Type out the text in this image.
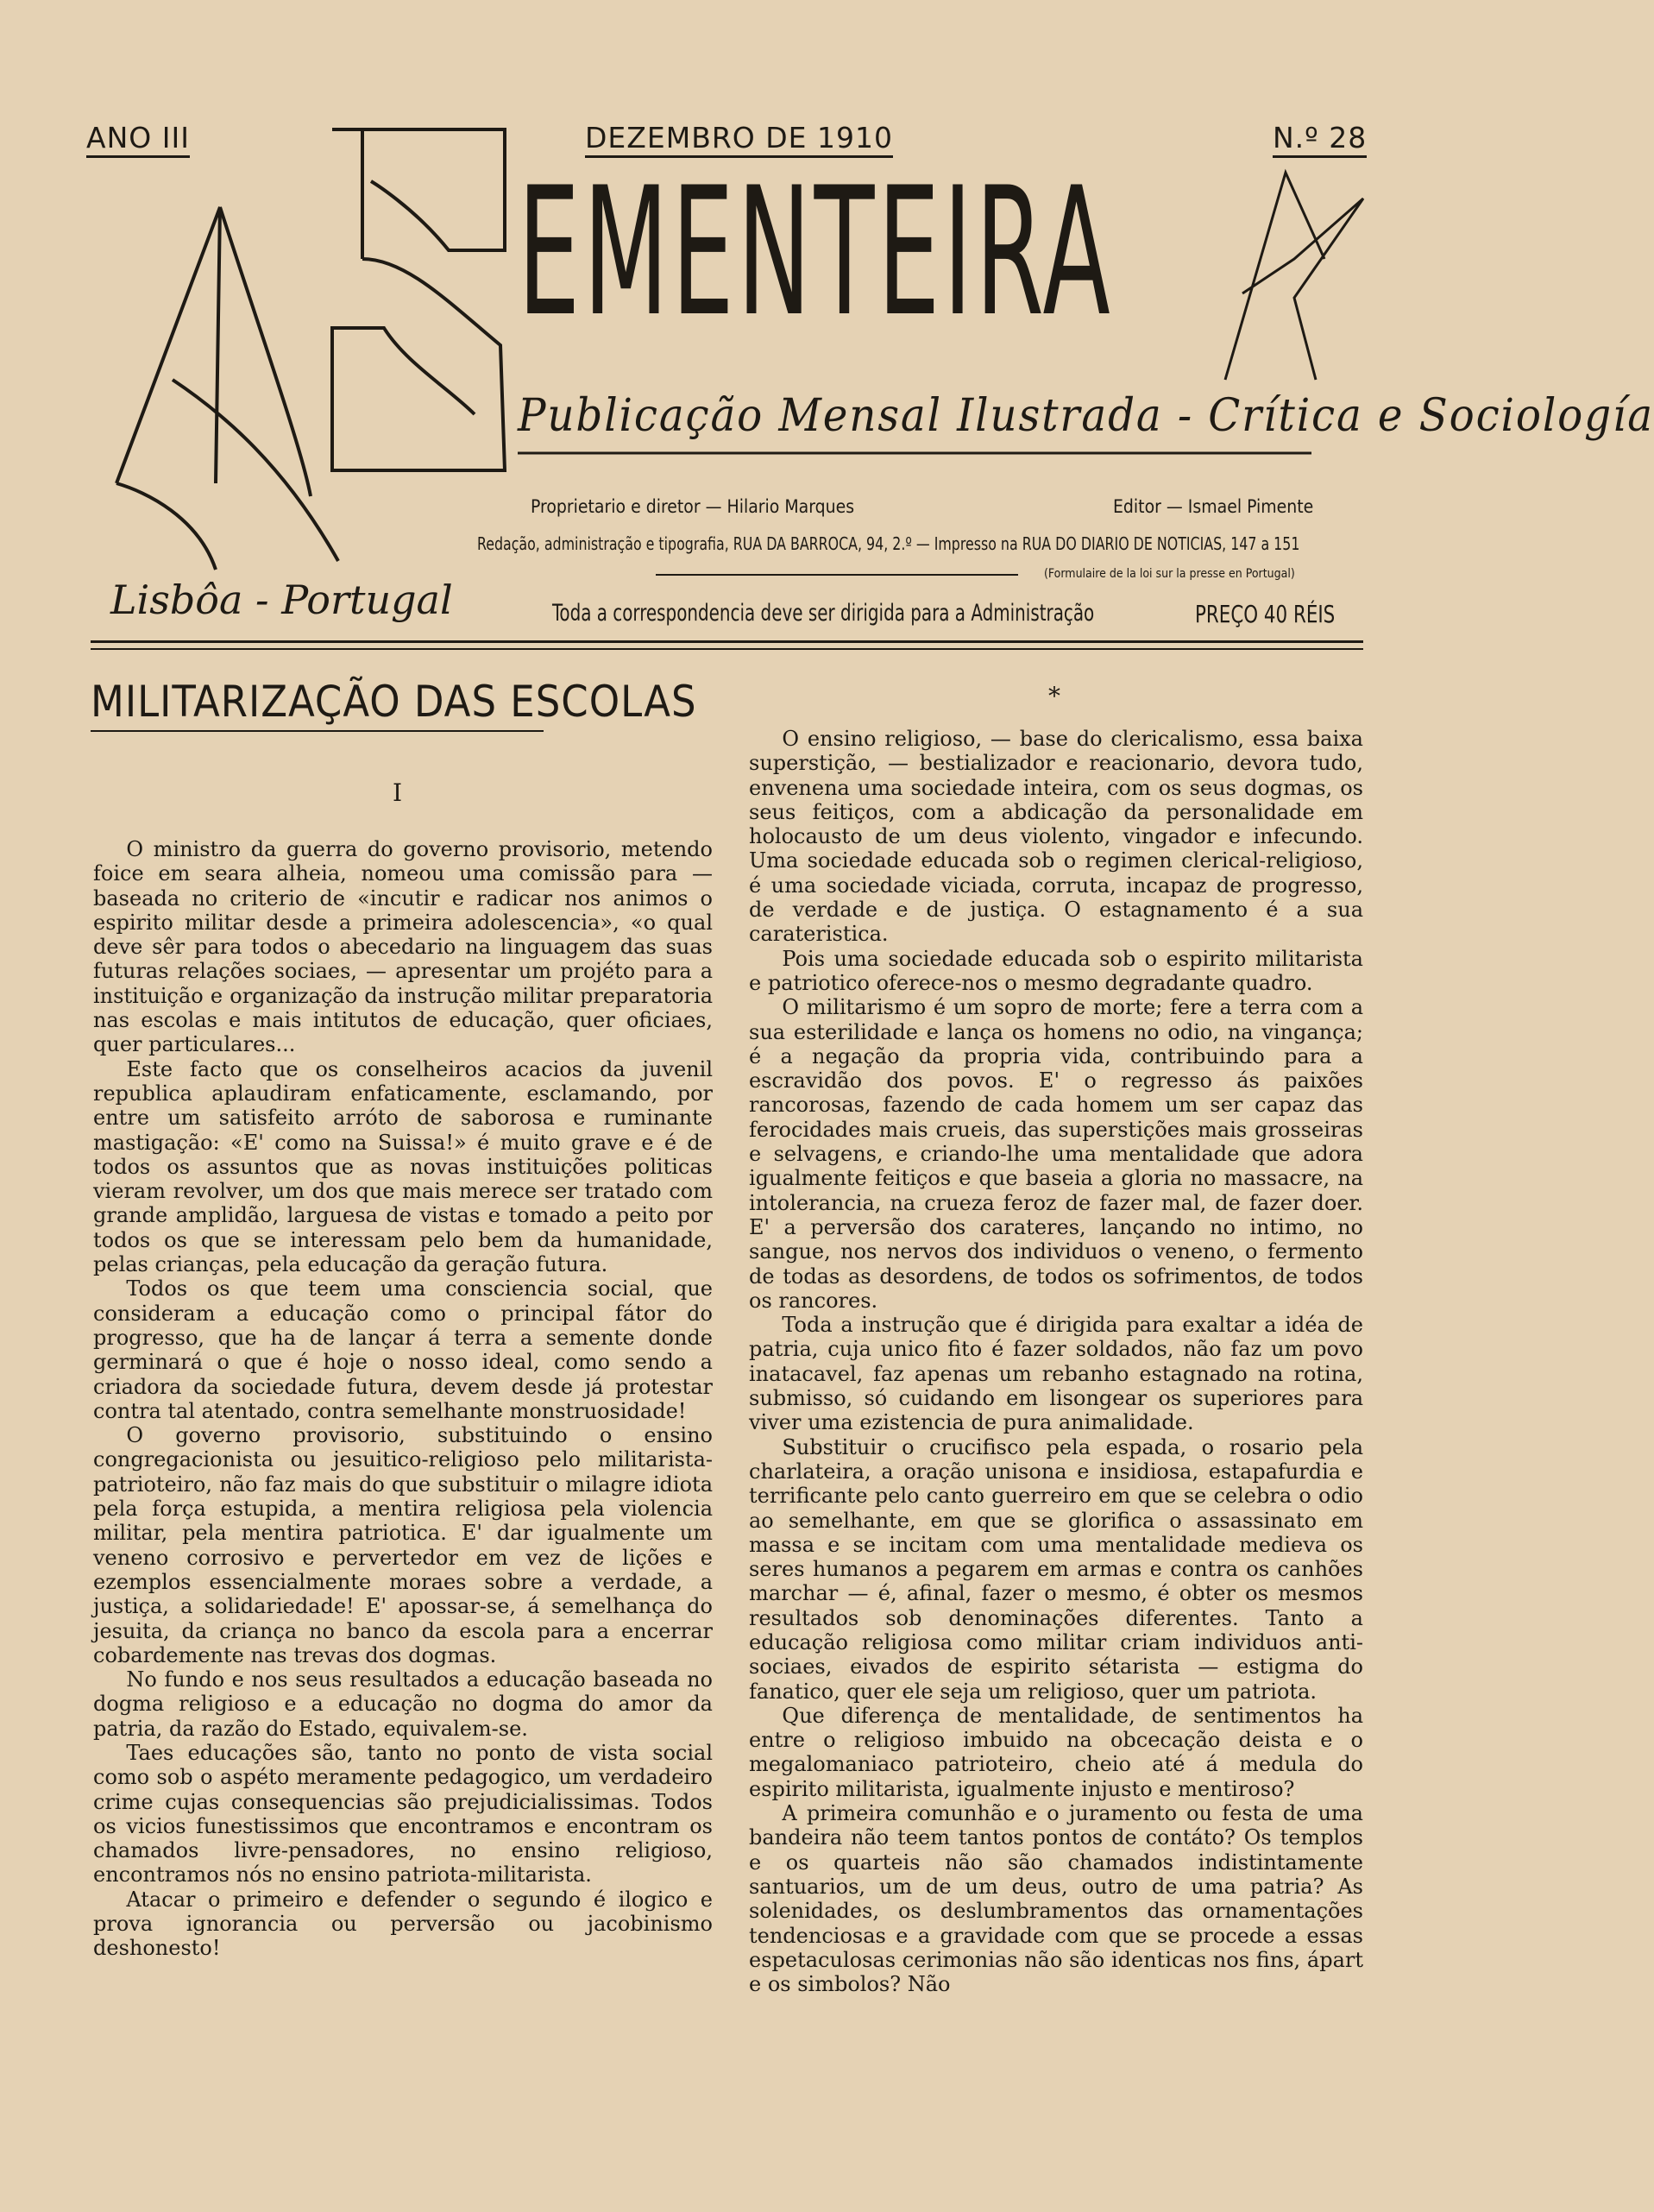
ANO III	DEZEMBRO DE 1910	N.º 28
EMENTEIRA
Publicação Mensal Ilustrada - Crítica e Sociología
Lisbôa - Portugal
Proprietario e diretor — Hilario Marques	Editor — Ismael Pimente
Redação, administração e tipografia, RUA DA BARROCA, 94, 2.º — Impresso na RUA DO DIARIO DE NOTICIAS, 147 a 151
(Formulaire de la loi sur la presse en Portugal)
Toda a correspondencia deve ser dirigida para a Administração	PREÇO 40 RÉIS
MILITARIZAÇÃO DAS ESCOLAS
I
*

O ministro da guerra do governo provisorio, metendo foice em seara alheia, nomeou uma comissão para — baseada no criterio de «incutir e radicar nos animos o espirito militar desde a primeira adolescencia», «o qual deve sêr para todos o abecedario na linguagem das suas futuras relações sociaes, — apresentar um projéto para a instituição e organização da instrução militar preparatoria nas escolas e mais intitutos de educação, quer oficiaes, quer particulares...

Este facto que os conselheiros acacios da juvenil republica aplaudiram enfaticamente, esclamando, por entre um satisfeito arróto de saborosa e ruminante mastigação: «E' como na Suissa!» é muito grave e é de todos os assuntos que as novas instituições politicas vieram revolver, um dos que mais merece ser tratado com grande amplidão, larguesa de vistas e tomado a peito por todos os que se interessam pelo bem da humanidade, pelas crianças, pela educação da geração futura.

Todos os que teem uma consciencia social, que consideram a educação como o principal fátor do progresso, que ha de lançar á terra a semente donde germinará o que é hoje o nosso ideal, como sendo a criadora da sociedade futura, devem desde já protestar contra tal atentado, contra semelhante monstruosidade!

O governo provisorio, substituindo o ensino congregacionista ou jesuitico-religioso pelo militarista-patrioteiro, não faz mais do que substituir o milagre idiota pela força estupida, a mentira religiosa pela violencia militar, pela mentira patriotica. E' dar igualmente um veneno corrosivo e pervertedor em vez de lições e ezemplos essencialmente moraes sobre a verdade, a justiça, a solidariedade! E' apossar-se, á semelhança do jesuita, da criança no banco da escola para a encerrar cobardemente nas trevas dos dogmas.

No fundo e nos seus resultados a educação baseada no dogma religioso e a educação no dogma do amor da patria, da razão do Estado, equivalem-se.

Taes educações são, tanto no ponto de vista social como sob o aspéto meramente pedagogico, um verdadeiro crime cujas consequencias são prejudicialissimas. Todos os vicios funestissimos que encontramos e encontram os chamados livre-pensadores, no ensino religioso, encontramos nós no ensino patriota-militarista.

Atacar o primeiro e defender o segundo é ilogico e prova ignorancia ou perversão ou jacobinismo deshonesto!

O ensino religioso, — base do clericalismo, essa baixa superstição, — bestializador e reacionario, devora tudo, envenena uma sociedade inteira, com os seus dogmas, os seus feitiços, com a abdicação da personalidade em holocausto de um deus violento, vingador e infecundo. Uma sociedade educada sob o regimen clerical-religioso, é uma sociedade viciada, corruta, incapaz de progresso, de verdade e de justiça. O estagnamento é a sua carateristica.

Pois uma sociedade educada sob o espirito militarista e patriotico oferece-nos o mesmo degradante quadro.

O militarismo é um sopro de morte; fere a terra com a sua esterilidade e lança os homens no odio, na vingança; é a negação da propria vida, contribuindo para a escravidão dos povos. E' o regresso ás paixões rancorosas, fazendo de cada homem um ser capaz das ferocidades mais crueis, das superstições mais grosseiras e selvagens, e criando-lhe uma mentalidade que adora igualmente feitiços e que baseia a gloria no massacre, na intolerancia, na crueza feroz de fazer mal, de fazer doer. E' a perversão dos carateres, lançando no intimo, no sangue, nos nervos dos individuos o veneno, o fermento de todas as desordens, de todos os sofrimentos, de todos os rancores.

Toda a instrução que é dirigida para exaltar a idéa de patria, cuja unico fito é fazer soldados, não faz um povo inatacavel, faz apenas um rebanho estagnado na rotina, submisso, só cuidando em lisongear os superiores para viver uma ezistencia de pura animalidade.

Substituir o crucifisco pela espada, o rosario pela charlateira, a oração unisona e insidiosa, estapafurdia e terrificante pelo canto guerreiro em que se celebra o odio ao semelhante, em que se glorifica o assassinato em massa e se incitam com uma mentalidade medieva os seres humanos a pegarem em armas e contra os canhões marchar — é, afinal, fazer o mesmo, é obter os mesmos resultados sob denominações diferentes. Tanto a educação religiosa como militar criam individuos anti-sociaes, eivados de espirito sétarista — estigma do fanatico, quer ele seja um religioso, quer um patriota.

Que diferença de mentalidade, de sentimentos ha entre o religioso imbuido na obcecação deista e o megalomaniaco patrioteiro, cheio até á medula do espirito militarista, igualmente injusto e mentiroso?

A primeira comunhão e o juramento ou festa de uma bandeira não teem tantos pontos de contáto? Os templos e os quarteis não são chamados indistintamente santuarios, um de um deus, outro de uma patria? As solenidades, os deslumbramentos das ornamentações tendenciosas e a gravidade com que se procede a essas espetaculosas cerimonias não são identicas nos fins, ápart e os simbolos? Não
